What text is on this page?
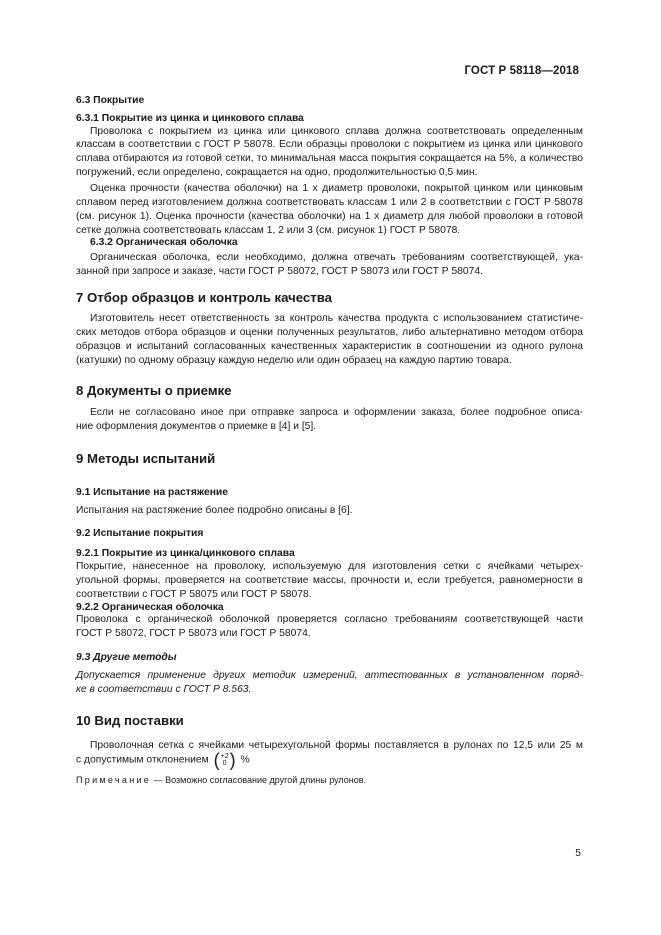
ГОСТ Р 58118—2018
6.3 Покрытие
6.3.1 Покрытие из цинка и цинкового сплава
Проволока с покрытием из цинка или цинкового сплава должна соответствовать определенным
классам в соответствии с ГОСТ Р 58078. Если образцы проволоки с покрытием из цинка или цинкового
сплава отбираются из готовой сетки, то минимальная масса покрытия сокращается на 5%, а количество
погружений, если определено, сокращается на одно, продолжительностью 0,5 мин.
Оценка прочности (качества оболочки) на 1 х диаметр проволоки, покрытой цинком или цинковым
сплавом перед изготовлением должна соответствовать классам 1 или 2 в соответствии с ГОСТ Р 58078
(см. рисунок 1). Оценка прочности (качества оболочки) на 1 х диаметр для любой проволоки в готовой
сетке должна соответствовать классам 1, 2 или 3 (см. рисунок 1) ГОСТ Р 58078.
6.3.2 Органическая оболочка
Органическая оболочка, если необходимо, должна отвечать требованиям соответствующей, ука-
занной при запросе и заказе, части ГОСТ Р 58072, ГОСТ Р 58073 или ГОСТ Р 58074.
7 Отбор образцов и контроль качества
Изготовитель несет ответственность за контроль качества продукта с использованием статистиче-
ских методов отбора образцов и оценки полученных результатов, либо альтернативно методом отбора
образцов и испытаний согласованных качественных характеристик в соотношении из одного рулона
(катушки) по одному образцу каждую неделю или один образец на каждую партию товара.
8 Документы о приемке
Если не согласовано иное при отправке запроса и оформлении заказа, более подробное описа-
ние оформления документов о приемке в [4] и [5].
9 Методы испытаний
9.1 Испытание на растяжение
Испытания на растяжение более подробно описаны в [6].
9.2 Испытание покрытия
9.2.1 Покрытие из цинка/цинкового сплава
Покрытие, нанесенное на проволоку, используемую для изготовления сетки с ячейками четырех-
угольной формы, проверяется на соответствие массы, прочности и, если требуется, равномерности в
соответствии с ГОСТ Р 58075 или ГОСТ Р 58078.
9.2.2 Органическая оболочка
Проволока с органической оболочкой проверяется согласно требованиям соответствующей части
ГОСТ Р 58072, ГОСТ Р 58073 или ГОСТ Р 58074.
9.3 Другие методы
Допускается применение других методик измерений, аттестованных в установленном поряд-
ке в соответствии с ГОСТ Р 8.563.
10 Вид поставки
Проволочная сетка с ячейками четырехугольной формы поставляется в рулонах по 12,5 или 25 м
с допустимым отклонением (+2
0 ) %
Примечание — Возможно согласование другой длины рулонов.
5
